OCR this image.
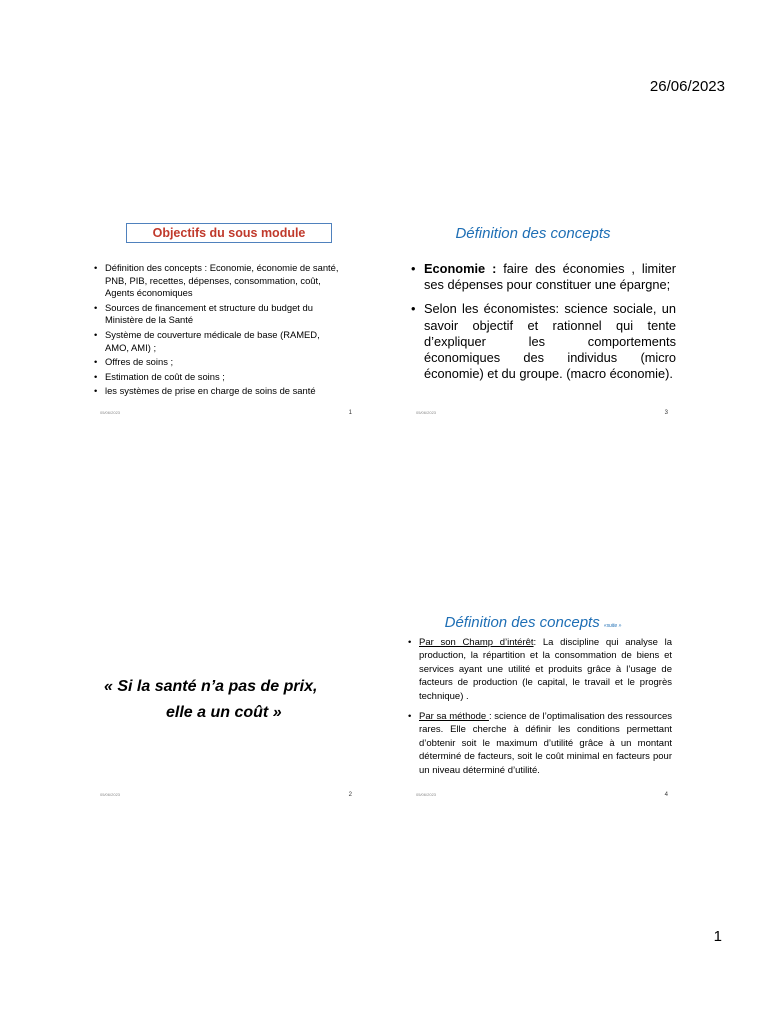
26/06/2023
Objectifs du sous module
• Définition des concepts : Economie, économie de santé, PNB, PIB, recettes, dépenses, consommation, coût, Agents économiques
• Sources de financement et structure du budget du Ministère de la Santé
• Système de couverture médicale de base (RAMED, AMO, AMI) ;
• Offres de soins ;
• Estimation de coût de soins ;
• les systèmes de prise en charge de soins de santé
05/06/2023	1
Définition des concepts
• Economie : faire des économies , limiter ses dépenses pour constituer une épargne;
• Selon les économistes: science sociale, un savoir objectif et rationnel qui tente d’expliquer les comportements économiques des individus (micro économie) et du groupe. (macro économie).
05/06/2023	3
« Si la santé n’a pas de prix,
elle a un coût »
05/06/2023	2
Définition des concepts «suite »
• Par son Champ d’intérêt: La discipline qui analyse la production, la répartition et la consommation de biens et services ayant une utilité et produits grâce à l’usage de facteurs de production (le capital, le travail et le progrès technique) .
• Par sa méthode : science de l’optimalisation des ressources rares. Elle cherche à définir les conditions permettant d’obtenir soit le maximum d’utilité grâce à un montant déterminé de facteurs, soit le coût minimal en facteurs pour un niveau déterminé d’utilité.
05/06/2023	4
1
